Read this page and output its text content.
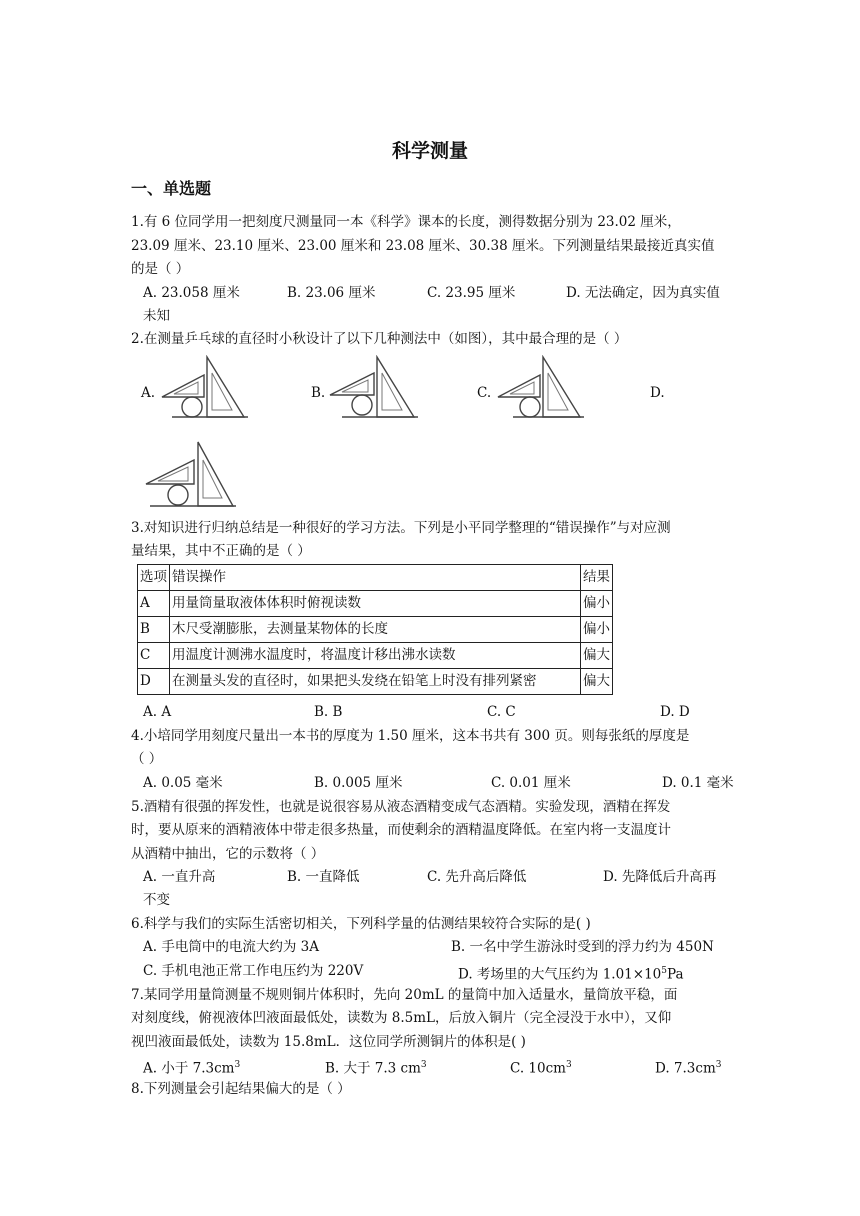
科学测量
一、单选题
1.有 6 位同学用一把刻度尺测量同一本《科学》课本的长度，测得数据分别为 23.02 厘米，
23.09 厘米、23.10 厘米、23.00 厘米和 23.08 厘米、30.38 厘米。下列测量结果最接近真实值
的是（ ）
A. 23.058 厘米	B. 23.06 厘米	C. 23.95 厘米	D. 无法确定，因为真实值
未知
2.在测量乒乓球的直径时小秋设计了以下几种测法中（如图），其中最合理的是（ ）
A.	B.	C.	D.
3.对知识进行归纳总结是一种很好的学习方法。下列是小平同学整理的“错误操作”与对应测
量结果，其中不正确的是（ ）
选项	错误操作	结果
A	用量筒量取液体体积时俯视读数	偏小
B	木尺受潮膨胀，去测量某物体的长度	偏小
C	用温度计测沸水温度时，将温度计移出沸水读数	偏大
D	在测量头发的直径时，如果把头发绕在铅笔上时没有排列紧密	偏大
A. A	B. B	C. C	D. D
4.小培同学用刻度尺量出一本书的厚度为 1.50 厘米，这本书共有 300 页。则每张纸的厚度是
（ ）
A. 0.05 毫米	B. 0.005 厘米	C. 0.01 厘米	D. 0.1 毫米
5.酒精有很强的挥发性，也就是说很容易从液态酒精变成气态酒精。实验发现，酒精在挥发
时，要从原来的酒精液体中带走很多热量，而使剩余的酒精温度降低。在室内将一支温度计
从酒精中抽出，它的示数将（ ）
A. 一直升高	B. 一直降低	C. 先升高后降低	D. 先降低后升高再
不变
6.科学与我们的实际生活密切相关，下列科学量的估测结果较符合实际的是( )
A. 手电筒中的电流大约为 3A	B. 一名中学生游泳时受到的浮力约为 450N
C. 手机电池正常工作电压约为 220V	D. 考场里的大气压约为 $1.01\times 10^5Pa$
7.某同学用量筒测量不规则铜片体积时，先向 20mL 的量筒中加入适量水，量筒放平稳，面
对刻度线，俯视液体凹液面最低处，读数为 8.5mL，后放入铜片（完全浸没于水中），又仰
视凹液面最低处，读数为 15.8mL．这位同学所测铜片的体积是( )
A. 小于 $7.3cm^3$	B. 大于 7.3 $cm^3$	C. $10cm^3$	D. $7.3cm^3$
8.下列测量会引起结果偏大的是（ ）
